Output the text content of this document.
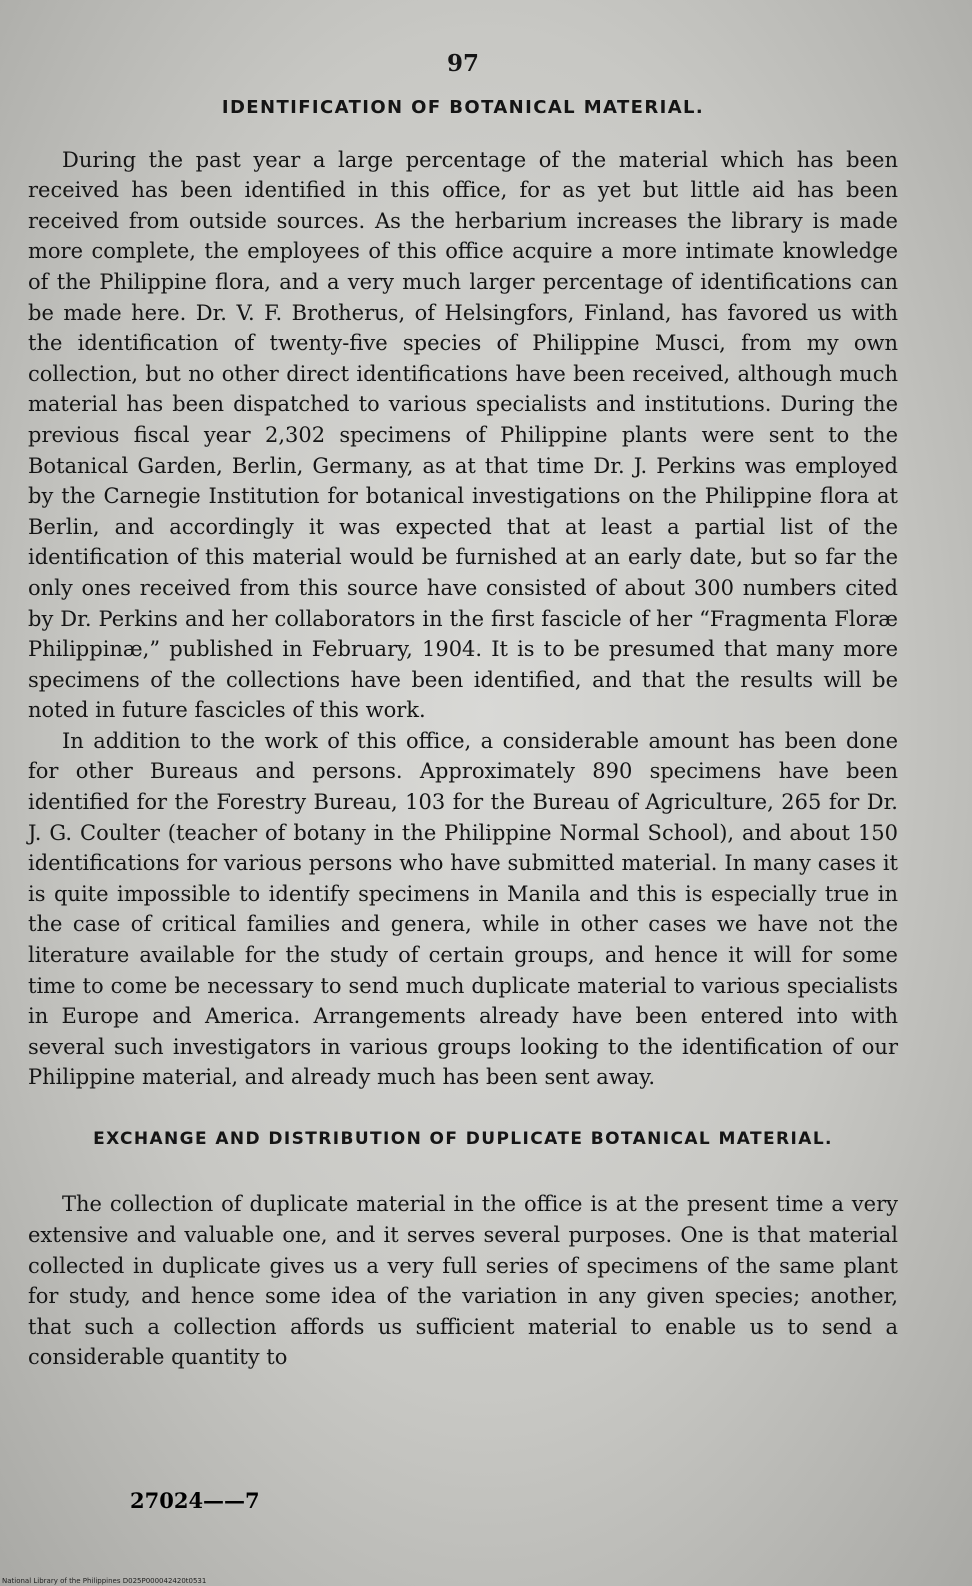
97
IDENTIFICATION OF BOTANICAL MATERIAL.

During the past year a large percentage of the material which has been received has been identified in this office, for as yet but little aid has been received from outside sources. As the herbarium increases the library is made more complete, the employees of this office acquire a more intimate knowledge of the Philippine flora, and a very much larger percentage of identifications can be made here. Dr. V. F. Brotherus, of Helsingfors, Finland, has favored us with the identification of twenty-five species of Philippine Musci, from my own collection, but no other direct identifications have been received, although much material has been dispatched to various specialists and institutions. During the previous fiscal year 2,302 specimens of Philippine plants were sent to the Botanical Garden, Berlin, Germany, as at that time Dr. J. Perkins was employed by the Carnegie Institution for botanical investigations on the Philippine flora at Berlin, and accordingly it was expected that at least a partial list of the identification of this material would be furnished at an early date, but so far the only ones received from this source have consisted of about 300 numbers cited by Dr. Perkins and her collaborators in the first fascicle of her “Fragmenta Floræ Philippinæ,” published in February, 1904. It is to be presumed that many more specimens of the collections have been identified, and that the results will be noted in future fascicles of this work.

In addition to the work of this office, a considerable amount has been done for other Bureaus and persons. Approximately 890 specimens have been identified for the Forestry Bureau, 103 for the Bureau of Agriculture, 265 for Dr. J. G. Coulter (teacher of botany in the Philippine Normal School), and about 150 identifications for various persons who have submitted material. In many cases it is quite impossible to identify specimens in Manila and this is especially true in the case of critical families and genera, while in other cases we have not the literature available for the study of certain groups, and hence it will for some time to come be necessary to send much duplicate material to various specialists in Europe and America. Arrangements already have been entered into with several such investigators in various groups looking to the identification of our Philippine material, and already much has been sent away.

EXCHANGE AND DISTRIBUTION OF DUPLICATE BOTANICAL MATERIAL.

The collection of duplicate material in the office is at the present time a very extensive and valuable one, and it serves several purposes. One is that material collected in duplicate gives us a very full series of specimens of the same plant for study, and hence some idea of the variation in any given species; another, that such a collection affords us sufficient material to enable us to send a considerable quantity to

27024——7
National Library of the Philippines D025P000042420t0531
